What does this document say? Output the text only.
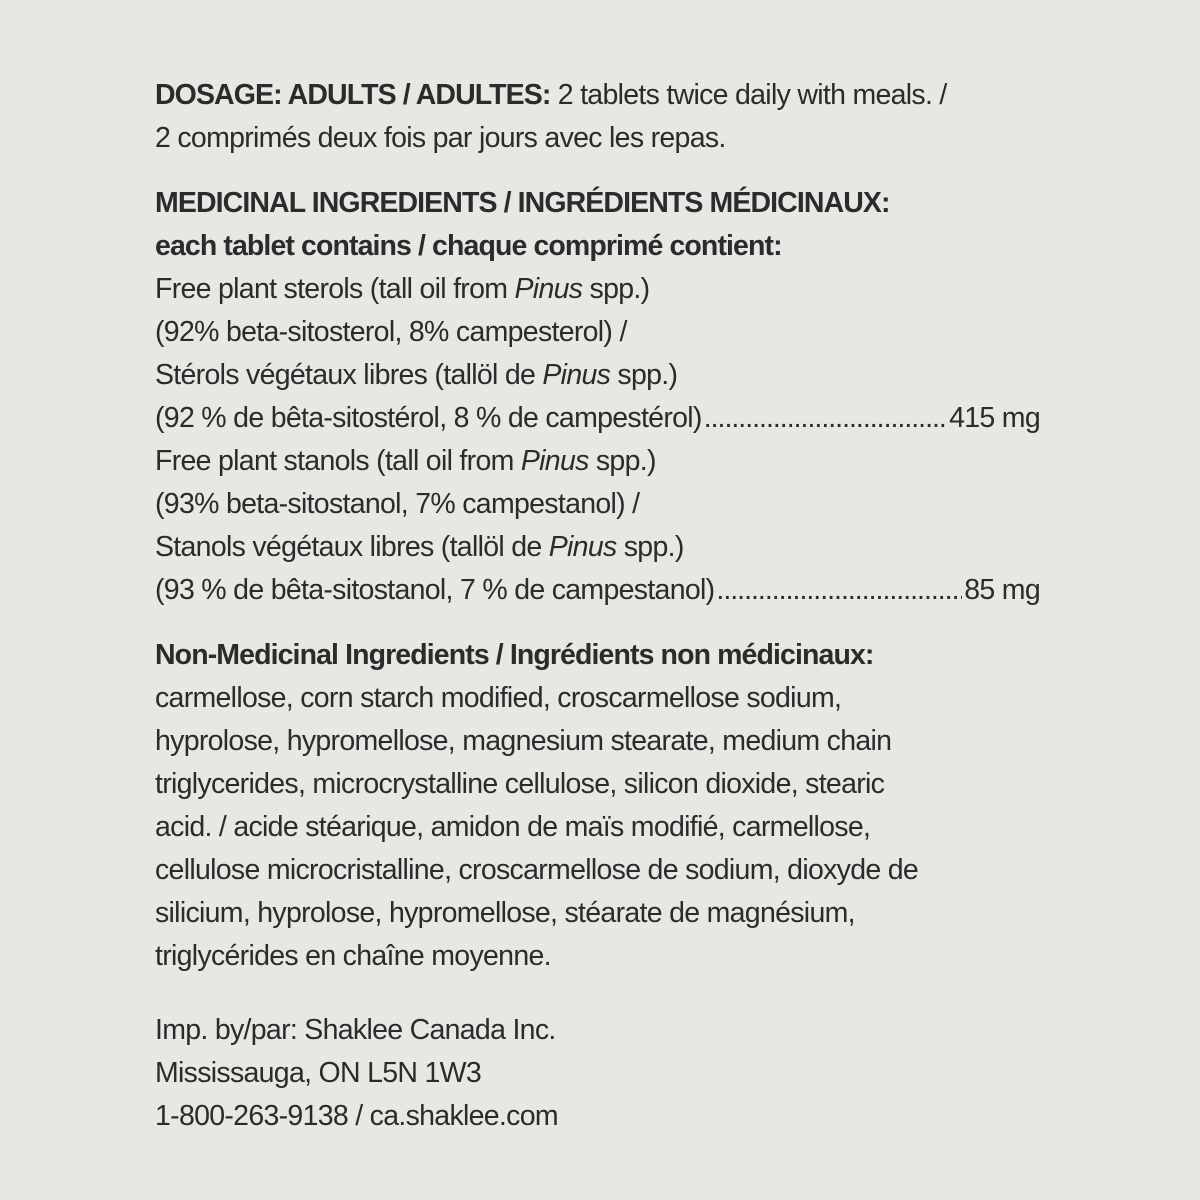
DOSAGE: ADULTS / ADULTES: 2 tablets twice daily with meals. /
2 comprimés deux fois par jours avec les repas.
MEDICINAL INGREDIENTS / INGRÉDIENTS MÉDICINAUX:
each tablet contains / chaque comprimé contient:
Free plant sterols (tall oil from Pinus spp.)
(92% beta-sitosterol, 8% campesterol) /
Stérols végétaux libres (tallöl de Pinus spp.)
(92 % de bêta-sitostérol, 8 % de campestérol) .....	415 mg
Free plant stanols (tall oil from Pinus spp.)
(93% beta-sitostanol, 7% campestanol) /
Stanols végétaux libres (tallöl de Pinus spp.)
(93 % de bêta-sitostanol, 7 % de campestanol) .....	85 mg
Non-Medicinal Ingredients / Ingrédients non médicinaux:
carmellose, corn starch modified, croscarmellose sodium,
hyprolose, hypromellose, magnesium stearate, medium chain
triglycerides, microcrystalline cellulose, silicon dioxide, stearic
acid. / acide stéarique, amidon de maïs modifié, carmellose,
cellulose microcristalline, croscarmellose de sodium, dioxyde de
silicium, hyprolose, hypromellose, stéarate de magnésium,
triglycérides en chaîne moyenne.
Imp. by/par: Shaklee Canada Inc.
Mississauga, ON L5N 1W3
1-800-263-9138 / ca.shaklee.com
